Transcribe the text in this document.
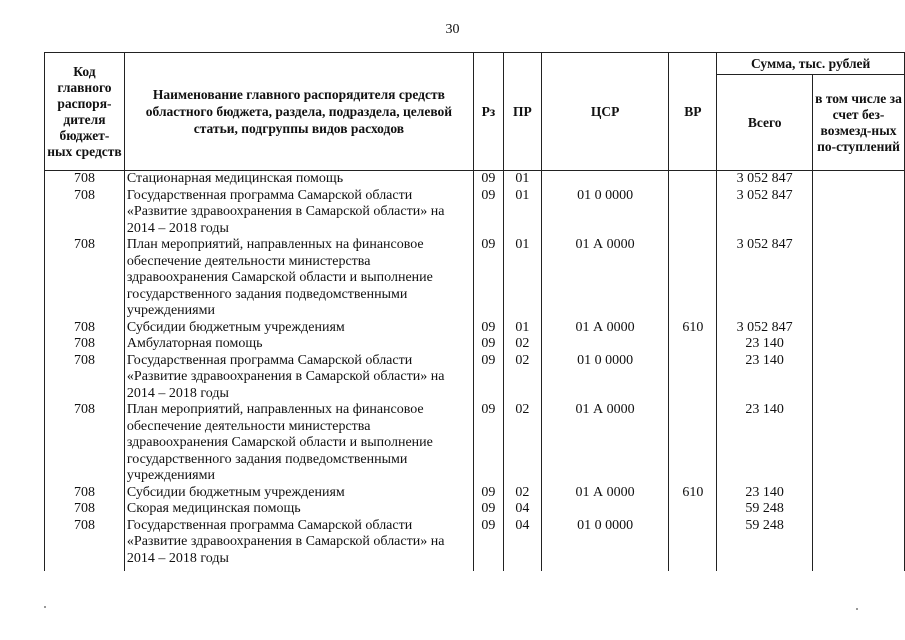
30
Код главного распоря-дителя бюджет-ных средств	Наименование главного распорядителя средств областного бюджета, раздела, подраздела, целевой статьи, подгруппы видов расходов	Рз	ПР	ЦСР	ВР	Сумма, тыс. рублей	
						Всего	в том числе за счет без-возмезд-ных по-ступлений
708	Стационарная медицинская помощь	09	01			3 052 847	
708	Государственная программа Самарской области «Развитие здравоохранения в Самарской области» на 2014 – 2018 годы	09	01	01 0 0000		3 052 847	
708	План мероприятий, направленных на финансовое обеспечение деятельности министерства здравоохранения Самарской области и выполнение государственного задания подведомственными учреждениями	09	01	01 А 0000		3 052 847	
708	Субсидии бюджетным учреждениям	09	01	01 А 0000	610	3 052 847	
708	Амбулаторная помощь	09	02			23 140	
708	Государственная программа Самарской области «Развитие здравоохранения в Самарской области» на 2014 – 2018 годы	09	02	01 0 0000		23 140	
708	План мероприятий, направленных на финансовое обеспечение деятельности министерства здравоохранения Самарской области и выполнение государственного задания подведомственными учреждениями	09	02	01 А 0000		23 140	
708	Субсидии бюджетным учреждениям	09	02	01 А 0000	610	23 140	
708	Скорая медицинская помощь	09	04			59 248	
708	Государственная программа Самарской области «Развитие здравоохранения в Самарской области» на 2014 – 2018 годы	09	04	01 0 0000		59 248	
